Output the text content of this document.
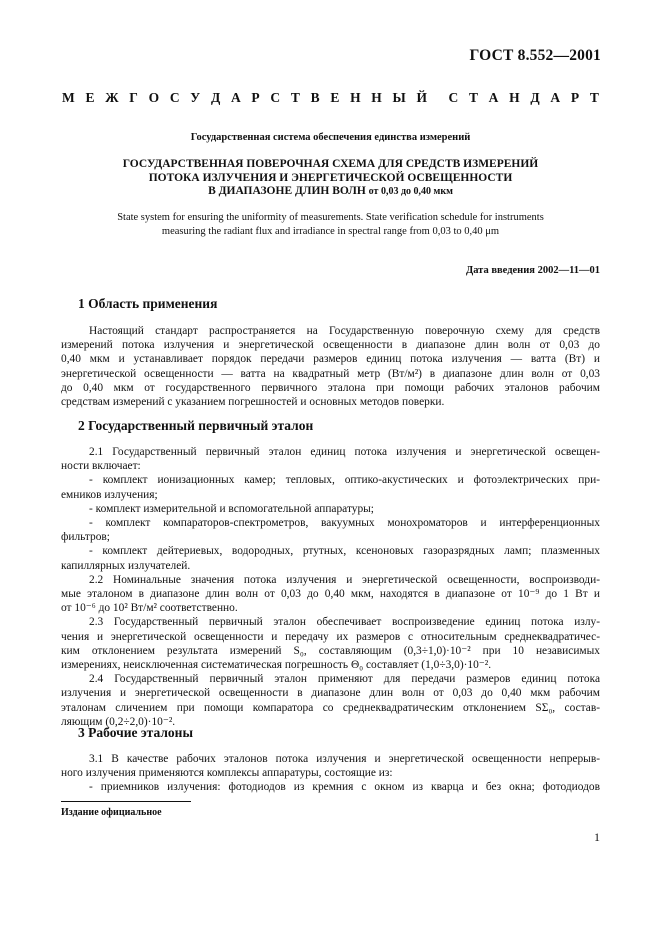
ГОСТ 8.552—2001
М Е Ж Г О С У Д А Р С Т В Е Н Н Ы Й С Т А Н Д А Р Т
Государственная система обеспечения единства измерений
ГОСУДАРСТВЕННАЯ ПОВЕРОЧНАЯ СХЕМА ДЛЯ СРЕДСТВ ИЗМЕРЕНИЙ
ПОТОКА ИЗЛУЧЕНИЯ И ЭНЕРГЕТИЧЕСКОЙ ОСВЕЩЕННОСТИ
В ДИАПАЗОНЕ ДЛИН ВОЛН от 0,03 до 0,40 мкм
State system for ensuring the uniformity of measurements. State verification schedule for instruments
measuring the radiant flux and irradiance in spectral range from 0,03 to 0,40 μm
Дата введения 2002—11—01
1 Область применения
Настоящий стандарт распространяется на Государственную поверочную схему для средств
измерений потока излучения и энергетической освещенности в диапазоне длин волн от 0,03 до
0,40 мкм и устанавливает порядок передачи размеров единиц потока излучения — ватта (Вт) и
энергетической освещенности — ватта на квадратный метр (Вт/м²) в диапазоне длин волн от 0,03
до 0,40 мкм от государственного первичного эталона при помощи рабочих эталонов рабочим
средствам измерений с указанием погрешностей и основных методов поверки.
2 Государственный первичный эталон
2.1 Государственный первичный эталон единиц потока излучения и энергетической освещен-
ности включает:
- комплект ионизационных камер; тепловых, оптико-акустических и фотоэлектрических при-
емников излучения;
- комплект измерительной и вспомогательной аппаратуры;
- комплект компараторов-спектрометров, вакуумных монохроматоров и интерференционных
фильтров;
- комплект дейтериевых, водородных, ртутных, ксеноновых газоразрядных ламп; плазменных
капиллярных излучателей.
2.2 Номинальные значения потока излучения и энергетической освещенности, воспроизводи-
мые эталоном в диапазоне длин волн от 0,03 до 0,40 мкм, находятся в диапазоне от 10⁻⁹ до 1 Вт и
от 10⁻⁶ до 10² Вт/м² соответственно.
2.3 Государственный первичный эталон обеспечивает воспроизведение единиц потока излу-
чения и энергетической освещенности и передачу их размеров с относительным среднеквадратичес-
ким отклонением результата измерений S₀, составляющим (0,3÷1,0)·10⁻² при 10 независимых
измерениях, неисключенная систематическая погрешность Θ₀ составляет (1,0÷3,0)·10⁻².
2.4 Государственный первичный эталон применяют для передачи размеров единиц потока
излучения и энергетической освещенности в диапазоне длин волн от 0,03 до 0,40 мкм рабочим
эталонам сличением при помощи компаратора со среднеквадратическим отклонением SΣ₀, состав-
ляющим (0,2÷2,0)·10⁻².
3 Рабочие эталоны
3.1 В качестве рабочих эталонов потока излучения и энергетической освещенности непрерыв-
ного излучения применяются комплексы аппаратуры, состоящие из:
- приемников излучения: фотодиодов из кремния с окном из кварца и без окна; фотодиодов
Издание официальное
1
